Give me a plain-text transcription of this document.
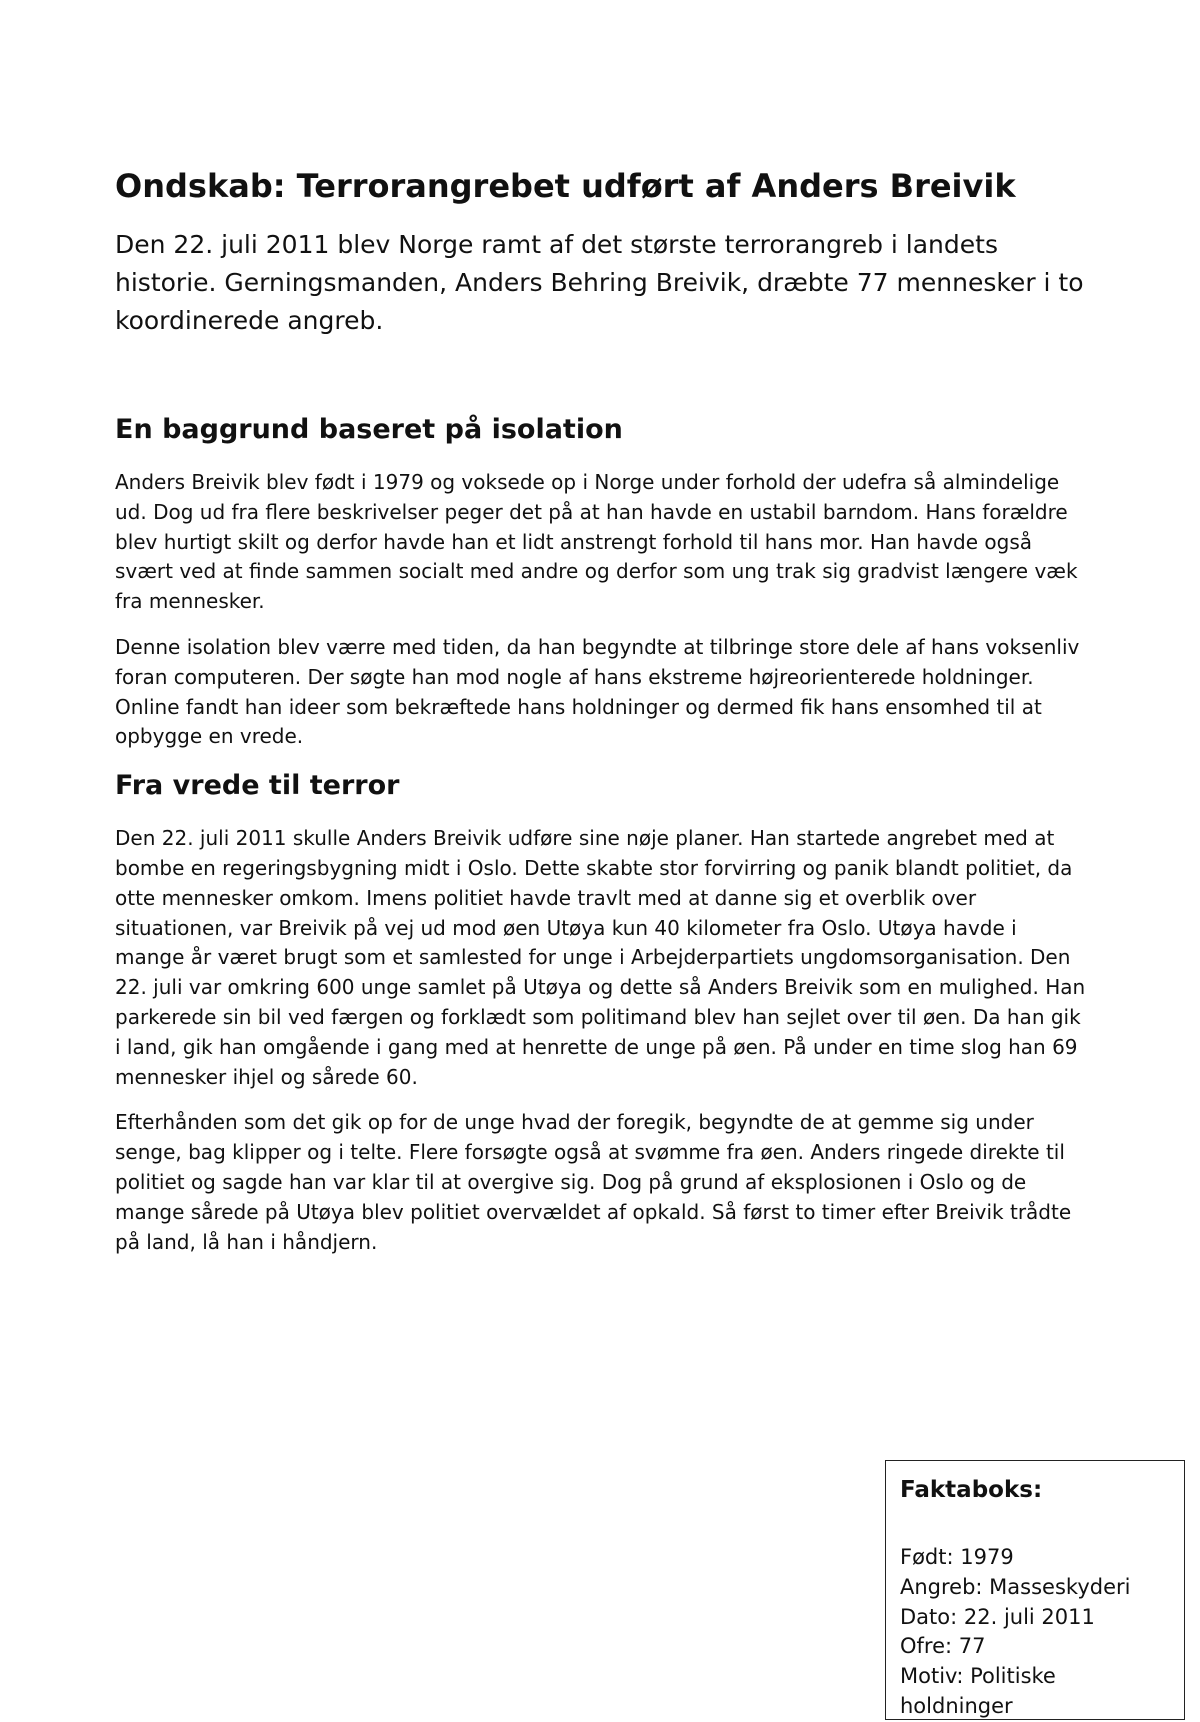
Ondskab: Terrorangrebet udført af Anders Breivik

Den 22. juli 2011 blev Norge ramt af det største terrorangreb i landets historie. Gerningsmanden, Anders Behring Breivik, dræbte 77 mennesker i to koordinerede angreb.

En baggrund baseret på isolation

Anders Breivik blev født i 1979 og voksede op i Norge under forhold der udefra så almindelige ud. Dog ud fra flere beskrivelser peger det på at han havde en ustabil barndom. Hans forældre blev hurtigt skilt og derfor havde han et lidt anstrengt forhold til hans mor. Han havde også svært ved at finde sammen socialt med andre og derfor som ung trak sig gradvist længere væk fra mennesker.

Denne isolation blev værre med tiden, da han begyndte at tilbringe store dele af hans voksenliv foran computeren. Der søgte han mod nogle af hans ekstreme højreorienterede holdninger. Online fandt han ideer som bekræftede hans holdninger og dermed fik hans ensomhed til at opbygge en vrede.

Fra vrede til terror

Den 22. juli 2011 skulle Anders Breivik udføre sine nøje planer. Han startede angrebet med at bombe en regeringsbygning midt i Oslo. Dette skabte stor forvirring og panik blandt politiet, da otte mennesker omkom. Imens politiet havde travlt med at danne sig et overblik over situationen, var Breivik på vej ud mod øen Utøya kun 40 kilometer fra Oslo. Utøya havde i mange år været brugt som et samlested for unge i Arbejderpartiets ungdomsorganisation. Den 22. juli var omkring 600 unge samlet på Utøya og dette så Anders Breivik som en mulighed. Han parkerede sin bil ved færgen og forklædt som politimand blev han sejlet over til øen. Da han gik i land, gik han omgående i gang med at henrette de unge på øen. På under en time slog han 69 mennesker ihjel og sårede 60.

Efterhånden som det gik op for de unge hvad der foregik, begyndte de at gemme sig under senge, bag klipper og i telte. Flere forsøgte også at svømme fra øen. Anders ringede direkte til politiet og sagde han var klar til at overgive sig. Dog på grund af eksplosionen i Oslo og de mange sårede på Utøya blev politiet overvældet af opkald. Så først to timer efter Breivik trådte på land, lå han i håndjern.

Faktaboks:
Født: 1979
Angreb: Masseskyderi
Dato: 22. juli 2011
Ofre: 77
Motiv: Politiske
holdninger
